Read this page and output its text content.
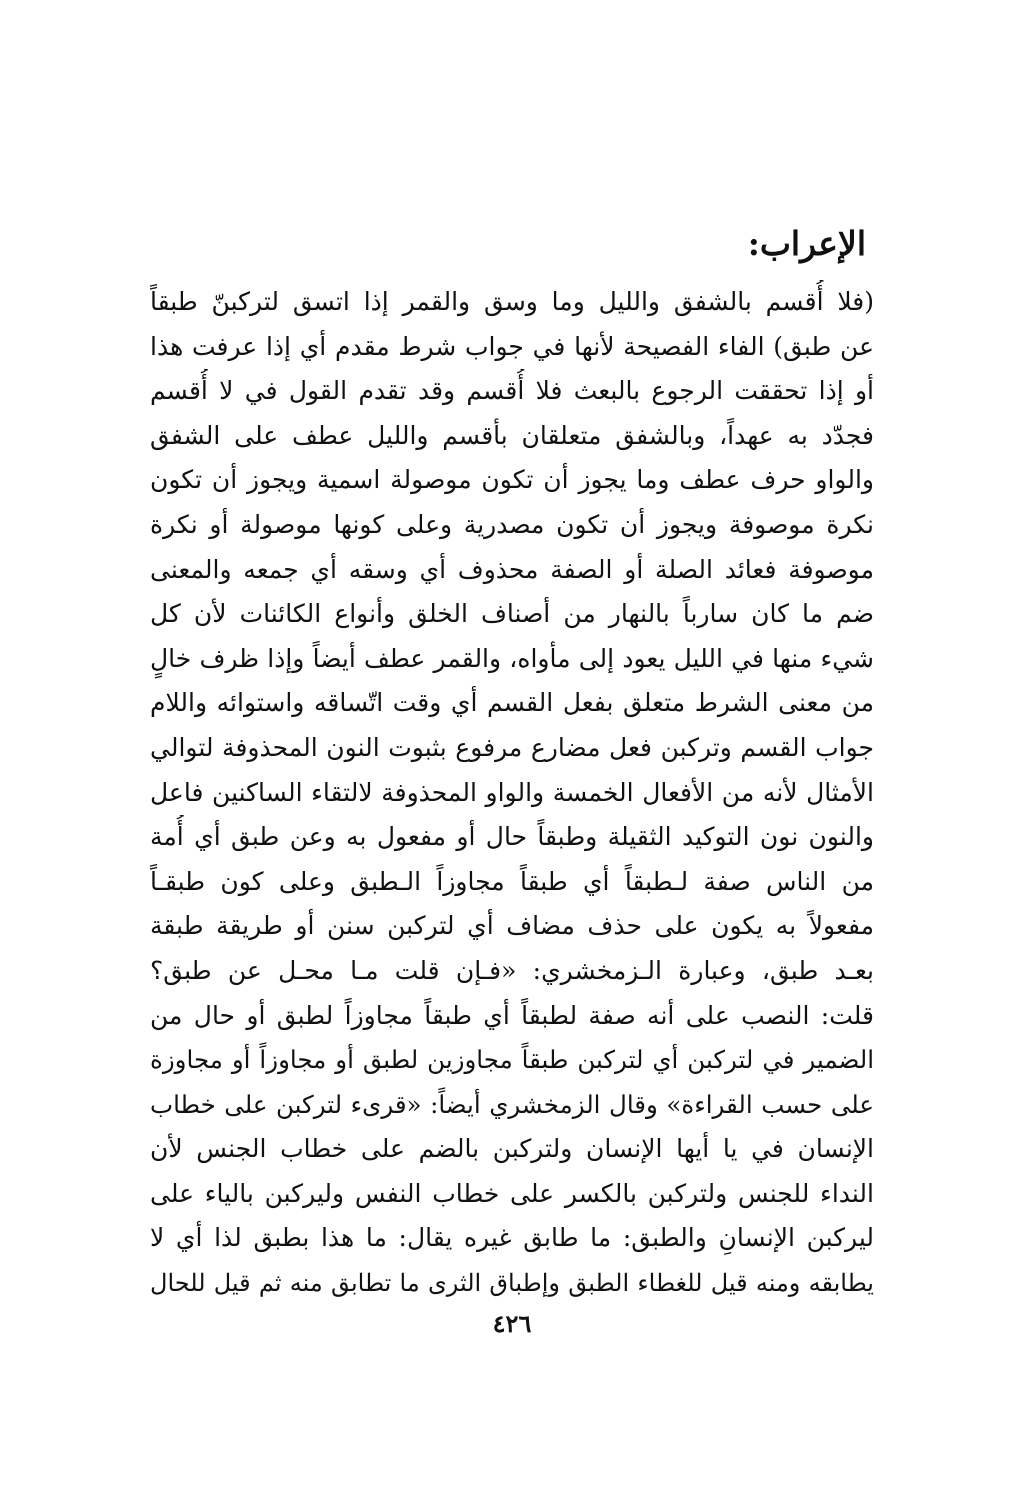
الإعراب:
(فلا أُقسم بالشفق والليل وما وسق والقمر إذا اتسق لتركبنّ طبقاً
عن طبق) الفاء الفصيحة لأنها في جواب شرط مقدم أي إذا عرفت هذا
أو إذا تحققت الرجوع بالبعث فلا أُقسم وقد تقدم القول في لا أُقسم
فجدّد به عهداً، وبالشفق متعلقان بأقسم والليل عطف على الشفق
والواو حرف عطف وما يجوز أن تكون موصولة اسمية ويجوز أن تكون
نكرة موصوفة ويجوز أن تكون مصدرية وعلى كونها موصولة أو نكرة
موصوفة فعائد الصلة أو الصفة محذوف أي وسقه أي جمعه والمعنى
ضم ما كان سارباً بالنهار من أصناف الخلق وأنواع الكائنات لأن كل
شيء منها في الليل يعود إلى مأواه، والقمر عطف أيضاً وإذا ظرف خالٍ
من معنى الشرط متعلق بفعل القسم أي وقت اتّساقه واستوائه واللام
جواب القسم وتركبن فعل مضارع مرفوع بثبوت النون المحذوفة لتوالي
الأمثال لأنه من الأفعال الخمسة والواو المحذوفة لالتقاء الساكنين فاعل
والنون نون التوكيد الثقيلة وطبقاً حال أو مفعول به وعن طبق أي أُمة
من الناس صفة لـطبقاً أي طبقاً مجاوزاً الـطبق وعلى كون طبقـاً
مفعولاً به يكون على حذف مضاف أي لتركبن سنن أو طريقة طبقة
بعـد طبق، وعبارة الـزمخشري: «فـإن قلت مـا محـل عن طبق؟
قلت: النصب على أنه صفة لطبقاً أي طبقاً مجاوزاً لطبق أو حال من
الضمير في لتركبن أي لتركبن طبقاً مجاوزين لطبق أو مجاوزاً أو مجاوزة
على حسب القراءة» وقال الزمخشري أيضاً: «قرىء لتركبن على خطاب
الإنسان في يا أيها الإنسان ولتركبن بالضم على خطاب الجنس لأن
النداء للجنس ولتركبن بالكسر على خطاب النفس وليركبن بالياء على
ليركبن الإنسانِ والطبق: ما طابق غيره يقال: ما هذا بطبق لذا أي لا
يطابقه ومنه قيل للغطاء الطبق وإطباق الثرى ما تطابق منه ثم قيل للحال
٤٢٦
